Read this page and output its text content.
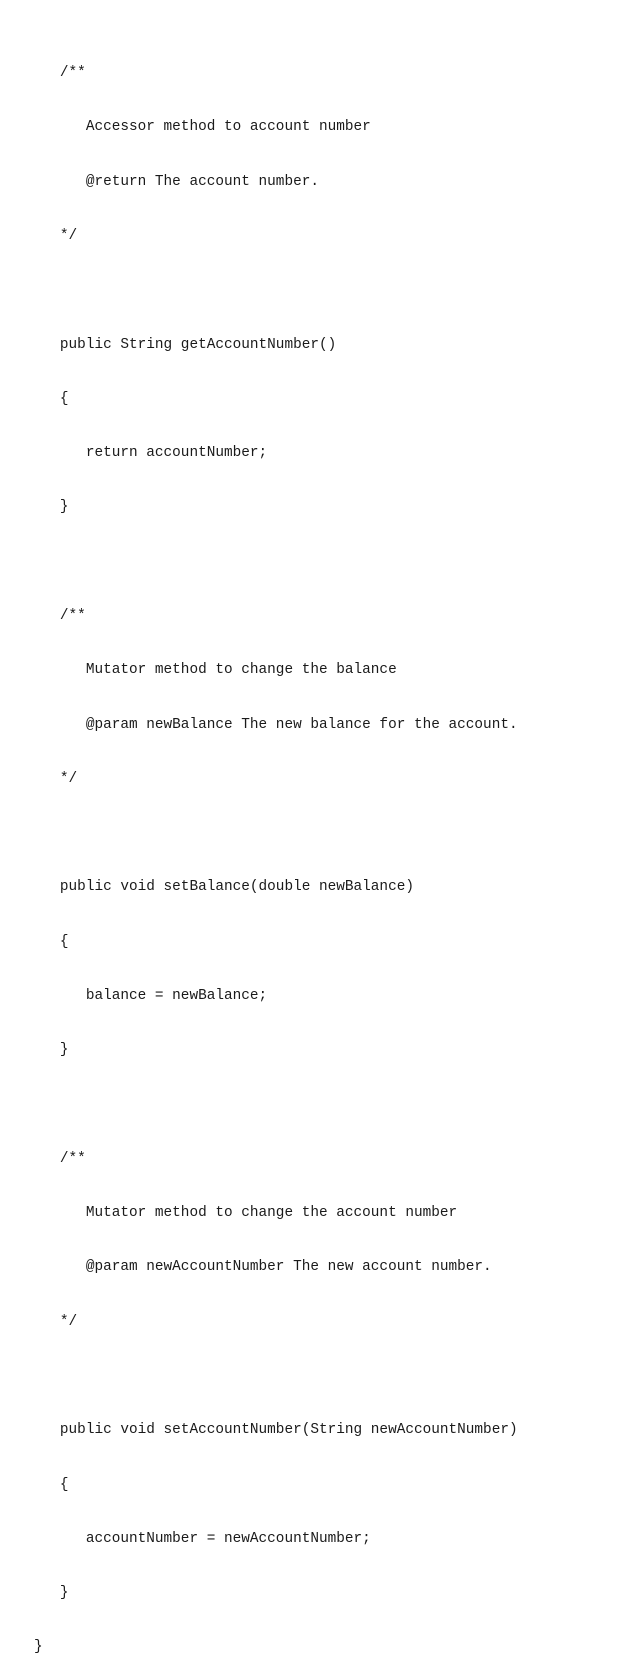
/**

Accessor method to account number

@return The account number.

*/

public String getAccountNumber()

{

return accountNumber;

}

/**

Mutator method to change the balance

@param newBalance The new balance for the account.

*/

public void setBalance(double newBalance)

{

balance = newBalance;

}

/**

Mutator method to change the account number

@param newAccountNumber The new account number.

*/

public void setAccountNumber(String newAccountNumber)

{

accountNumber = newAccountNumber;

}

}
